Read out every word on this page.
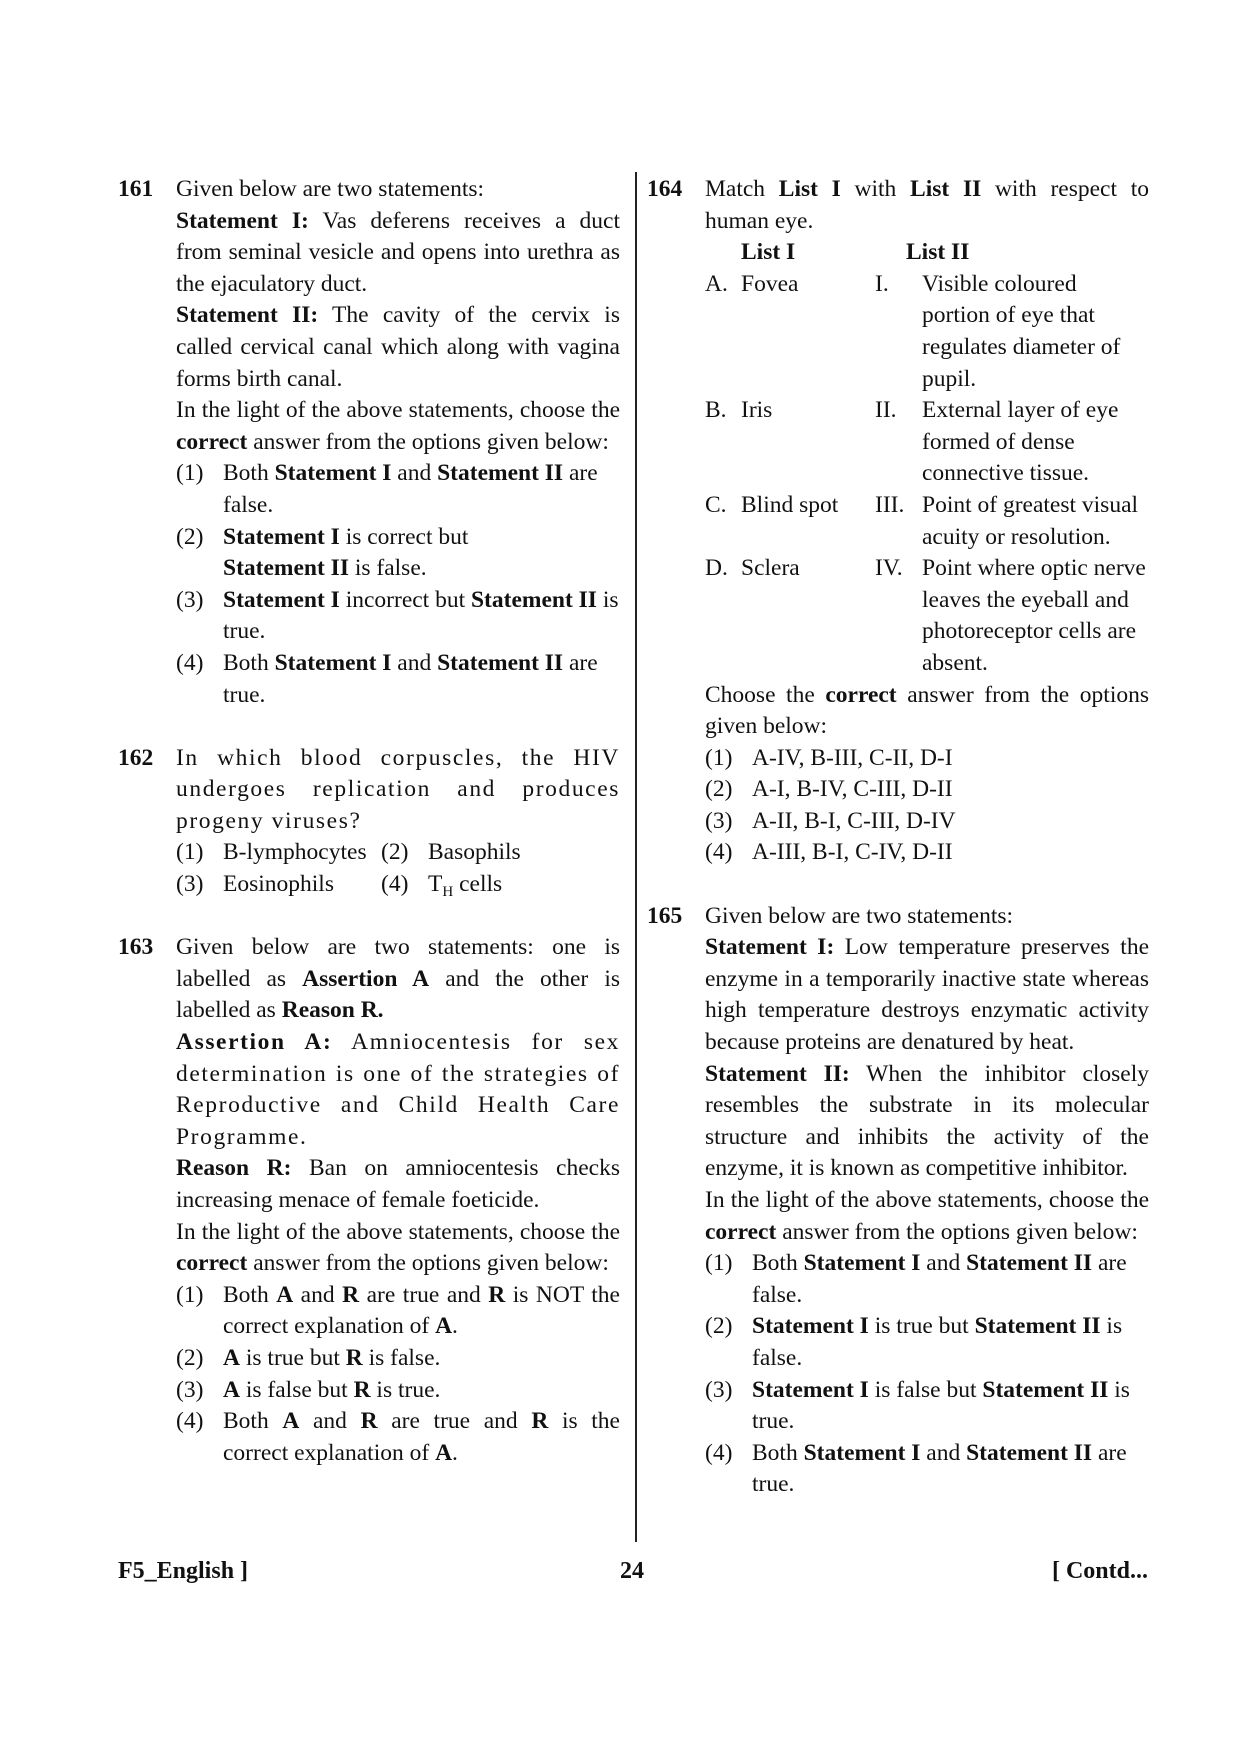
161 Given below are two statements:
Statement I: Vas deferens receives a duct from seminal vesicle and opens into urethra as the ejaculatory duct.
Statement II: The cavity of the cervix is called cervical canal which along with vagina forms birth canal.
In the light of the above statements, choose the correct answer from the options given below:
(1) Both Statement I and Statement II are false.
(2) Statement I is correct but Statement II is false.
(3) Statement I incorrect but Statement II is true.
(4) Both Statement I and Statement II are true.
162 In which blood corpuscles, the HIV undergoes replication and produces progeny viruses?
(1) B-lymphocytes (2) Basophils
(3) Eosinophils	(4) $T_H$ cells
163 Given below are two statements: one is labelled as Assertion A and the other is labelled as Reason R.
Assertion A: Amniocentesis for sex determination is one of the strategies of Reproductive and Child Health Care Programme.
Reason R: Ban on amniocentesis checks increasing menace of female foeticide.
In the light of the above statements, choose the correct answer from the options given below:
(1) Both A and R are true and R is NOT the correct explanation of A.
(2) A is true but R is false.
(3) A is false but R is true.
(4) Both A and R are true and R is the correct explanation of A.
164 Match List I with List II with respect to human eye.
List I	List II
A. Fovea	I.	Visible coloured portion of eye that regulates diameter of pupil.
B. Iris	II.	External layer of eye formed of dense connective tissue.
C. Blind spot	III. Point of greatest visual acuity or resolution.
D. Sclera	IV. Point where optic nerve leaves the eyeball and photoreceptor cells are absent.
Choose the correct answer from the options given below:
(1) A-IV, B-III, C-II, D-I
(2) A-I, B-IV, C-III, D-II
(3) A-II, B-I, C-III, D-IV
(4) A-III, B-I, C-IV, D-II
165 Given below are two statements:
Statement I: Low temperature preserves the enzyme in a temporarily inactive state whereas high temperature destroys enzymatic activity because proteins are denatured by heat.
Statement II: When the inhibitor closely resembles the substrate in its molecular structure and inhibits the activity of the enzyme, it is known as competitive inhibitor.
In the light of the above statements, choose the correct answer from the options given below:
(1) Both Statement I and Statement II are false.
(2) Statement I is true but Statement II is false.
(3) Statement I is false but Statement II is true.
(4) Both Statement I and Statement II are true.
F5_English ]	24	[ Contd...
